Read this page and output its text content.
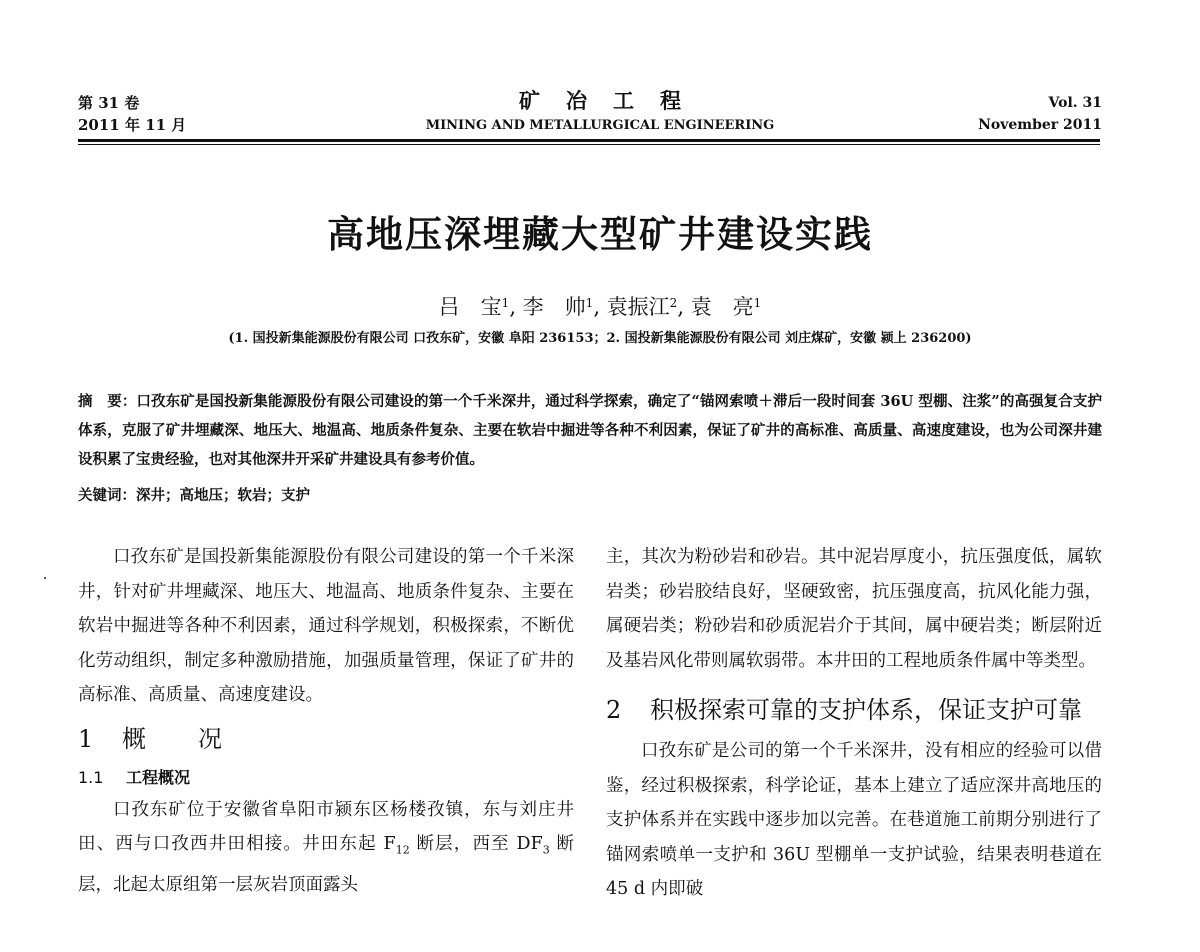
第 31 卷
2011 年 11 月
矿冶工程
MINING AND METALLURGICAL ENGINEERING
Vol. 31
November 2011
高地压深埋藏大型矿井建设实践
吕　宝$^1$, 李　帅$^1$, 袁振江$^2$, 袁　亮$^1$
(1. 国投新集能源股份有限公司 口孜东矿，安徽 阜阳 236153；2. 国投新集能源股份有限公司 刘庄煤矿，安徽 颍上 236200)
摘　要：口孜东矿是国投新集能源股份有限公司建设的第一个千米深井，通过科学探索，确定了“锚网索喷＋滞后一段时间套 36U 型棚、注浆”的高强复合支护体系，克服了矿井埋藏深、地压大、地温高、地质条件复杂、主要在软岩中掘进等各种不利因素，保证了矿井的高标准、高质量、高速度建设，也为公司深井建设积累了宝贵经验，也对其他深井开采矿井建设具有参考价值。
关键词：深井；高地压；软岩；支护

口孜东矿是国投新集能源股份有限公司建设的第一个千米深井，针对矿井埋藏深、地压大、地温高、地质条件复杂、主要在软岩中掘进等各种不利因素，通过科学规划，积极探索，不断优化劳动组织，制定多种激励措施，加强质量管理，保证了矿井的高标准、高质量、高速度建设。

1 概 况
1.1 工程概况

口孜东矿位于安徽省阜阳市颍东区杨楼孜镇，东与刘庄井田、西与口孜西井田相接。井田东起 $F_{12}$ 断层，西至 $DF_3$ 断层，北起太原组第一层灰岩顶面露头

主，其次为粉砂岩和砂岩。其中泥岩厚度小，抗压强度低，属软岩类；砂岩胶结良好，坚硬致密，抗压强度高，抗风化能力强，属硬岩类；粉砂岩和砂质泥岩介于其间，属中硬岩类；断层附近及基岩风化带则属软弱带。本井田的工程地质条件属中等类型。

2 积极探索可靠的支护体系，保证支护可靠

口孜东矿是公司的第一个千米深井，没有相应的经验可以借鉴，经过积极探索，科学论证，基本上建立了适应深井高地压的支护体系并在实践中逐步加以完善。在巷道施工前期分别进行了锚网索喷单一支护和 36U 型棚单一支护试验，结果表明巷道在 45 d 内即破
